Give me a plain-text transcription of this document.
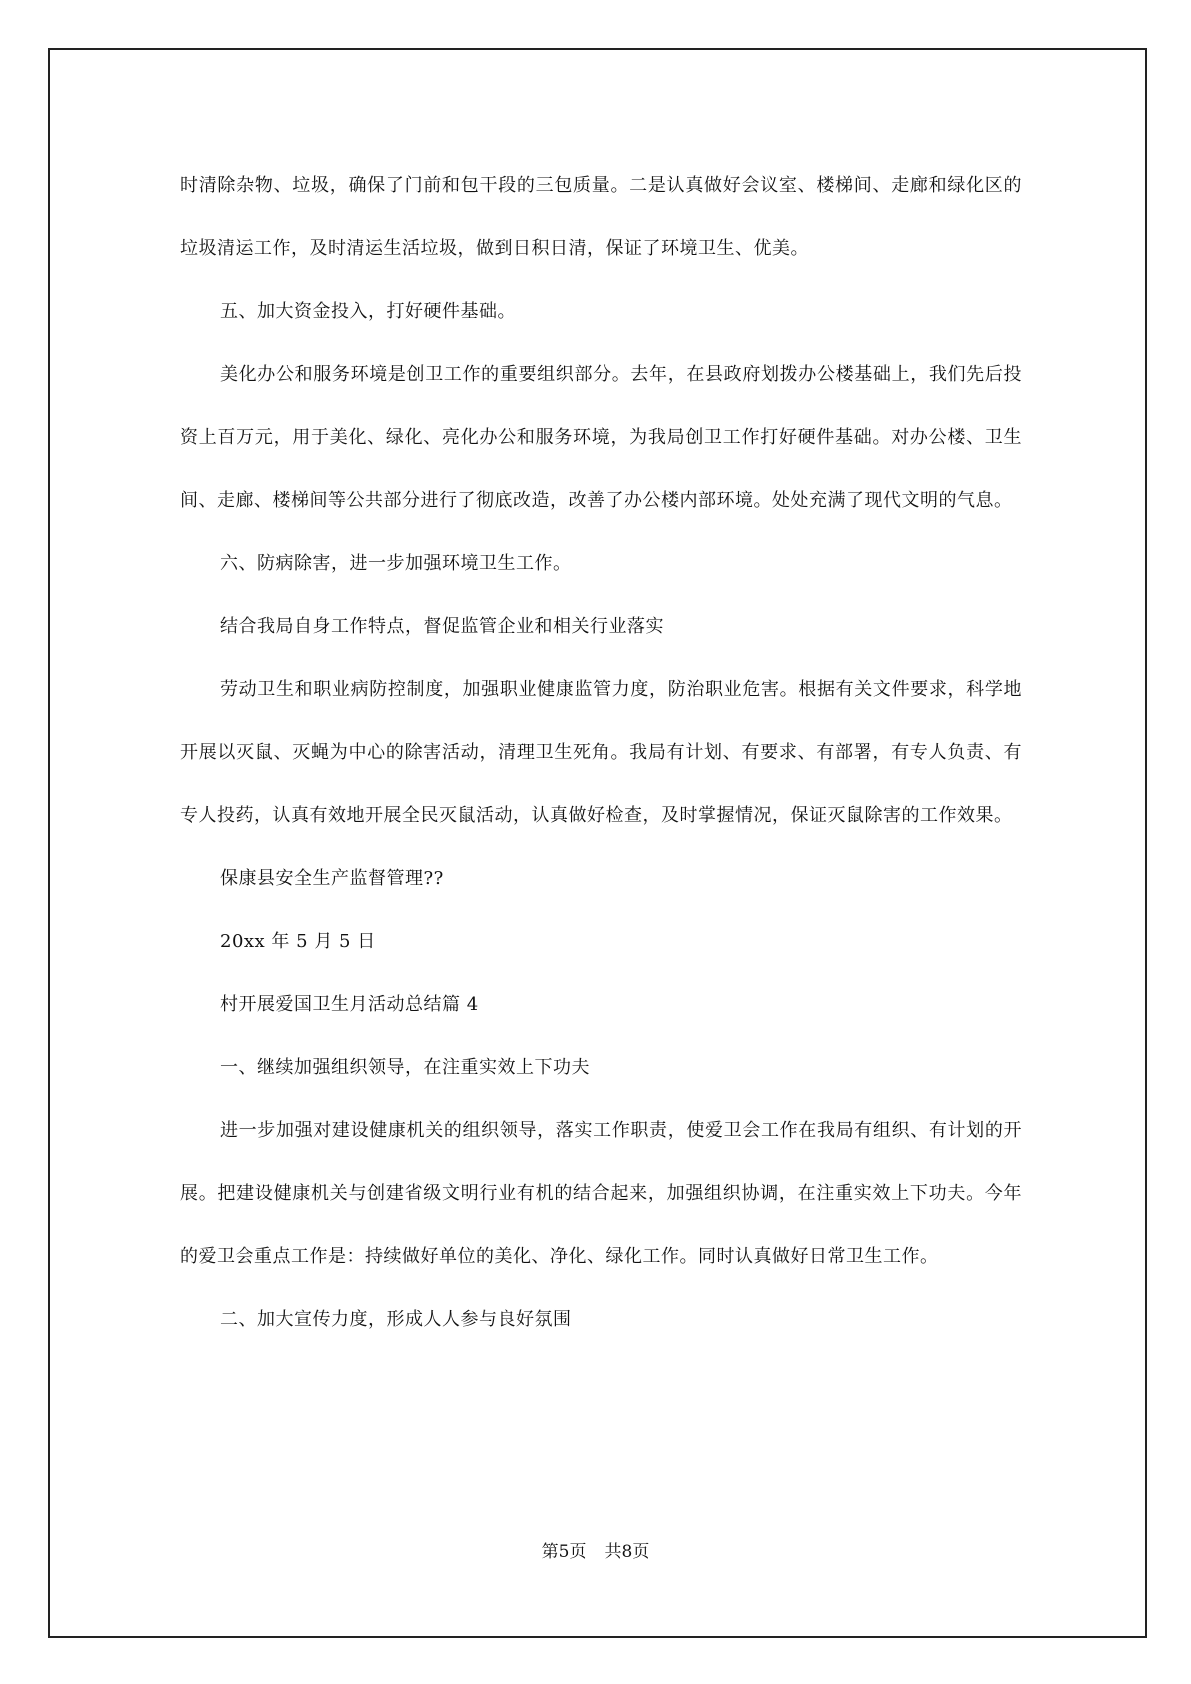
时清除杂物、垃圾，确保了门前和包干段的三包质量。二是认真做好会议室、楼梯间、走廊和绿化区的垃圾清运工作，及时清运生活垃圾，做到日积日清，保证了环境卫生、优美。

五、加大资金投入，打好硬件基础。

美化办公和服务环境是创卫工作的重要组织部分。去年，在县政府划拨办公楼基础上，我们先后投资上百万元，用于美化、绿化、亮化办公和服务环境，为我局创卫工作打好硬件基础。对办公楼、卫生间、走廊、楼梯间等公共部分进行了彻底改造，改善了办公楼内部环境。处处充满了现代文明的气息。

六、防病除害，进一步加强环境卫生工作。

结合我局自身工作特点，督促监管企业和相关行业落实

劳动卫生和职业病防控制度，加强职业健康监管力度，防治职业危害。根据有关文件要求，科学地开展以灭鼠、灭蝇为中心的除害活动，清理卫生死角。我局有计划、有要求、有部署，有专人负责、有专人投药，认真有效地开展全民灭鼠活动，认真做好检查，及时掌握情况，保证灭鼠除害的工作效果。

保康县安全生产监督管理??

20xx 年 5 月 5 日

村开展爱国卫生月活动总结篇 4

一、继续加强组织领导，在注重实效上下功夫

进一步加强对建设健康机关的组织领导，落实工作职责，使爱卫会工作在我局有组织、有计划的开展。把建设健康机关与创建省级文明行业有机的结合起来，加强组织协调，在注重实效上下功夫。今年的爱卫会重点工作是：持续做好单位的美化、净化、绿化工作。同时认真做好日常卫生工作。

二、加大宣传力度，形成人人参与良好氛围

第5页 共8页
